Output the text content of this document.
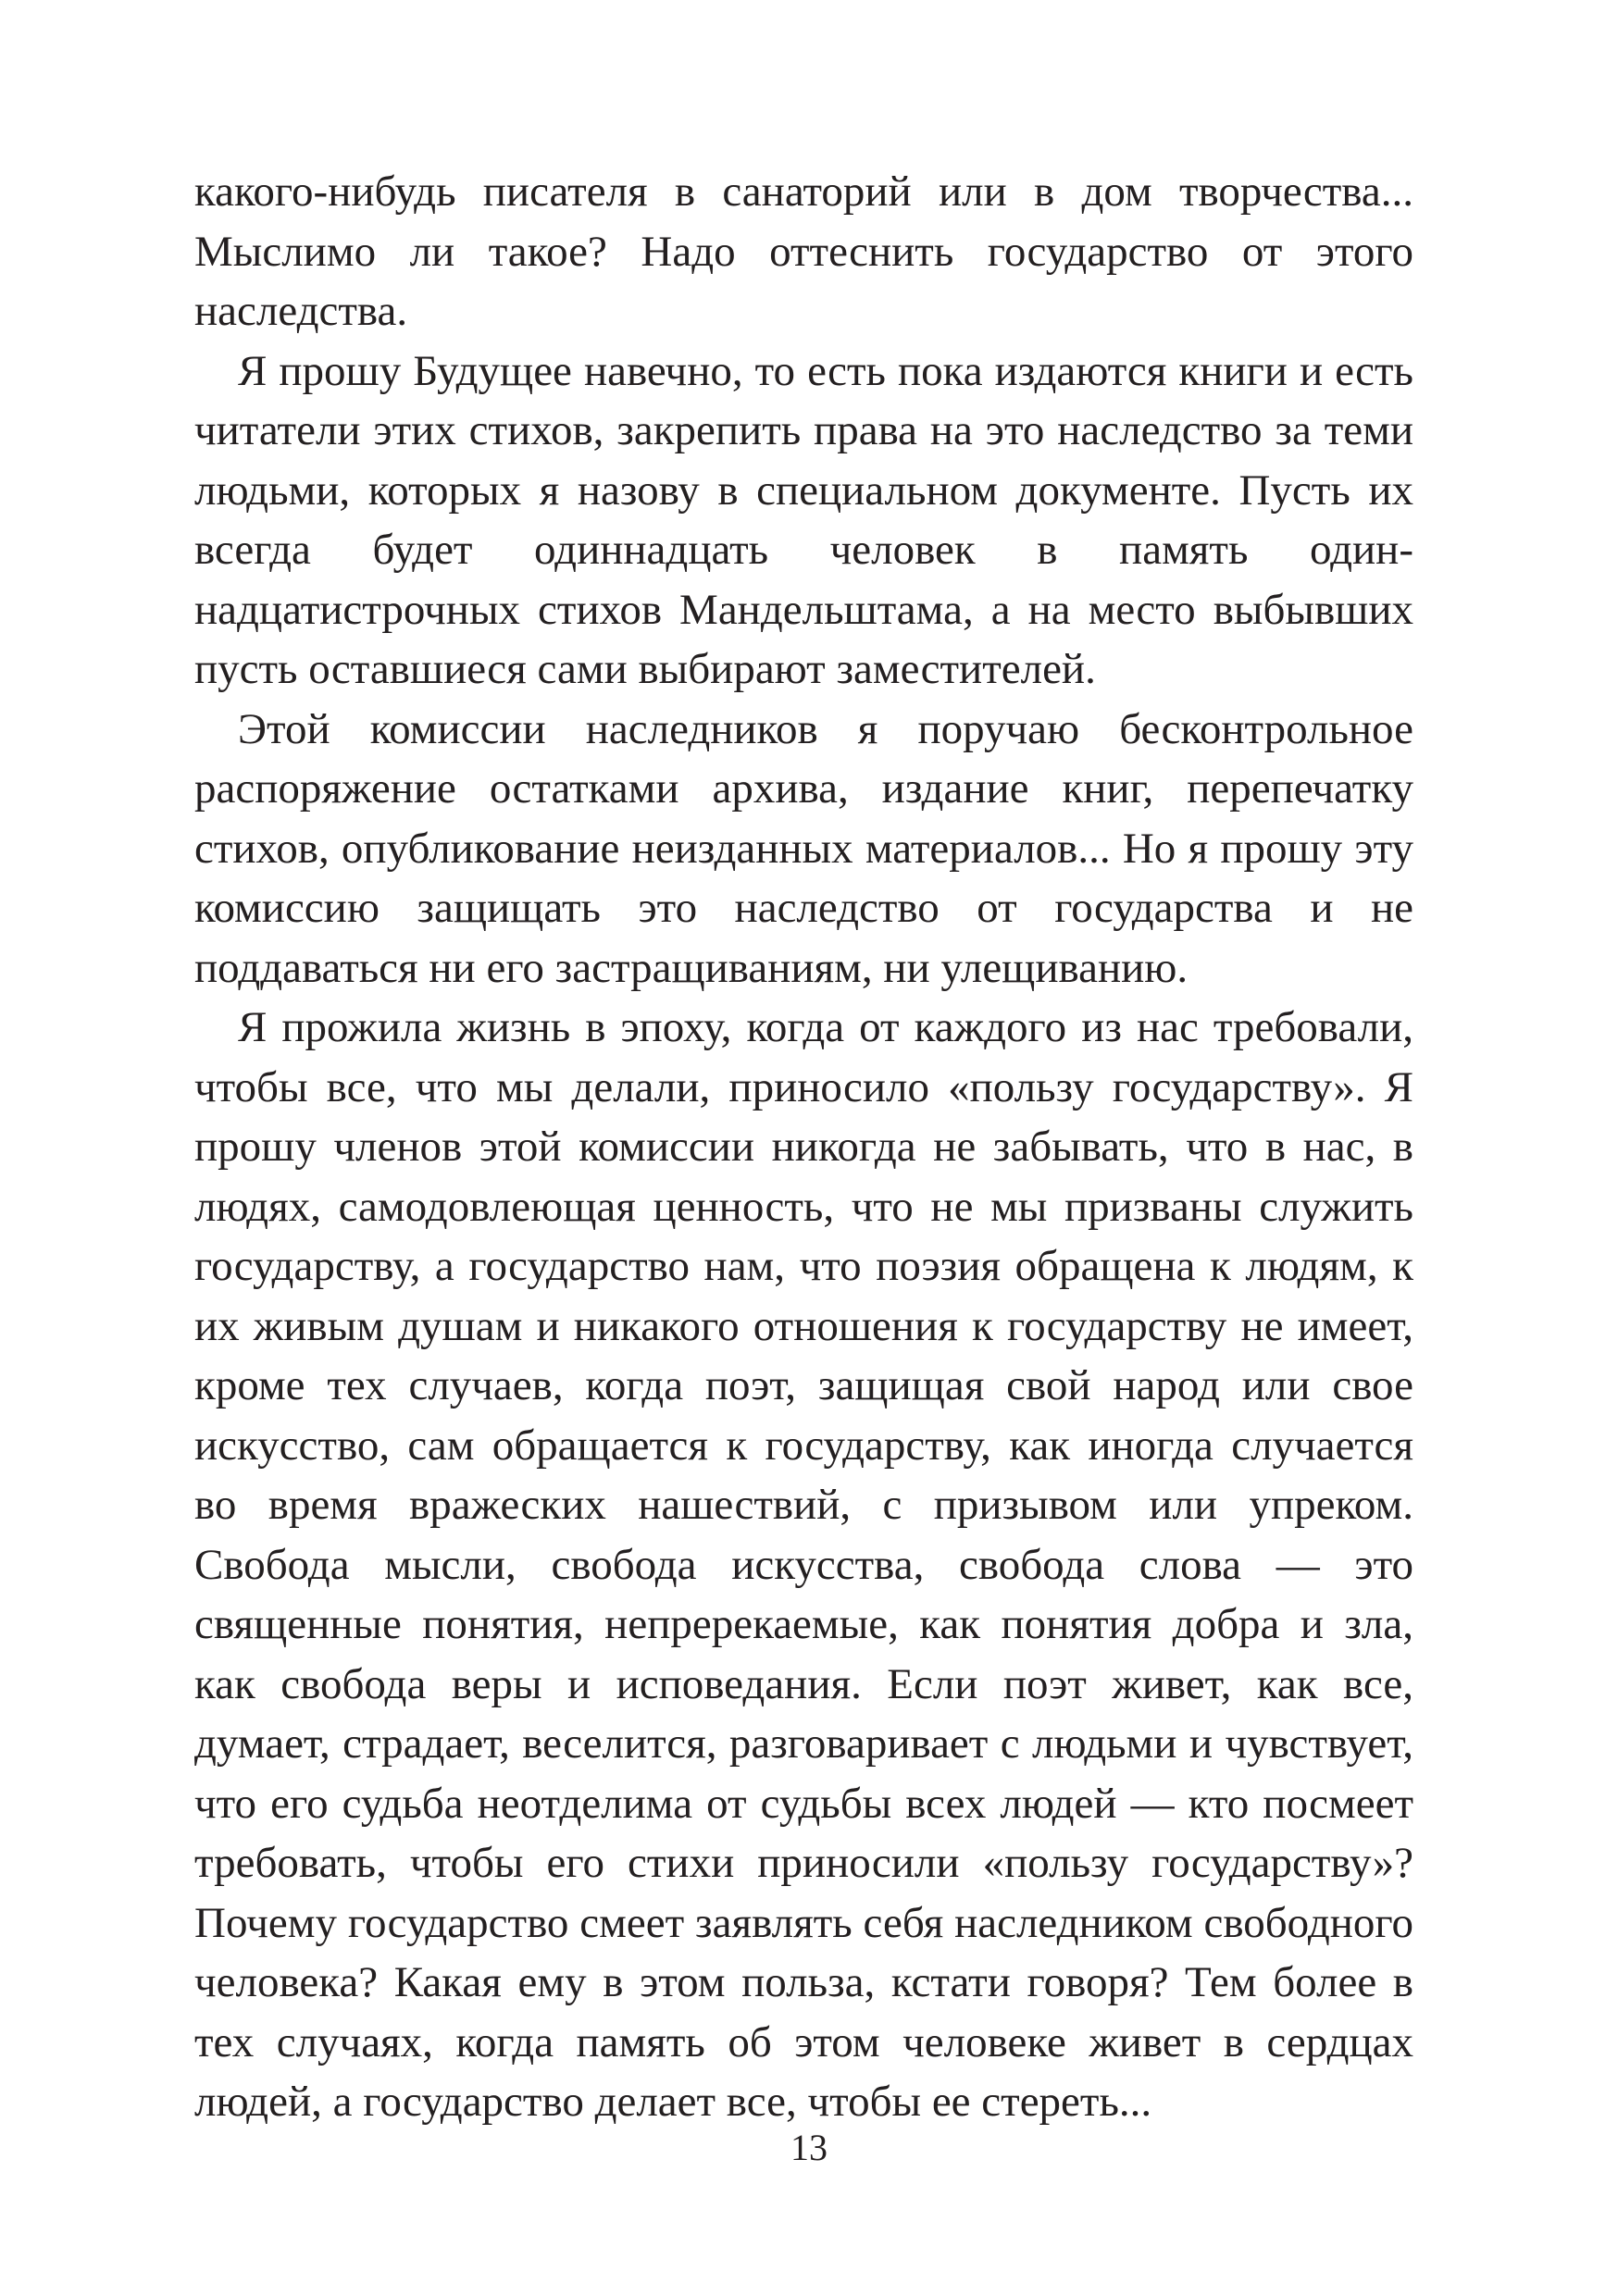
какого-нибудь писателя в санаторий или в дом творчества... Мыслимо ли такое? Надо оттеснить государство от этого наследства.

Я прошу Будущее навечно, то есть пока издаются книги и есть читатели этих стихов, закрепить права на это наследство за теми людьми, которых я назову в специальном документе. Пусть их всегда будет одиннадцать человек в память одиннадцатистрочных стихов Мандельштама, а на место выбывших пусть оставшиеся сами выбирают заместителей.

Этой комиссии наследников я поручаю бесконтрольное распоряжение остатками архива, издание книг, перепечатку стихов, опубликование неизданных материалов... Но я прошу эту комиссию защищать это наследство от государства и не поддаваться ни его застращиваниям, ни улещиванию.

Я прожила жизнь в эпоху, когда от каждого из нас требовали, чтобы все, что мы делали, приносило «пользу государству». Я прошу членов этой комиссии никогда не забывать, что в нас, в людях, самодовлеющая ценность, что не мы призваны служить государству, а государство нам, что поэзия обращена к людям, к их живым душам и никакого отношения к государству не имеет, кроме тех случаев, когда поэт, защищая свой народ или свое искусство, сам обращается к государству, как иногда случается во время вражеских нашествий, с призывом или упреком. Свобода мысли, свобода искусства, свобода слова — это священные понятия, непререкаемые, как понятия добра и зла, как свобода веры и исповедания. Если поэт живет, как все, думает, страдает, веселится, разговаривает с людьми и чувствует, что его судьба неотделима от судьбы всех людей — кто посмеет требовать, чтобы его стихи приносили «пользу государству»? Почему государство смеет заявлять себя наследником свободного человека? Какая ему в этом польза, кстати говоря? Тем более в тех случаях, когда память об этом человеке живет в сердцах людей, а государство делает все, чтобы ее стереть...

13
